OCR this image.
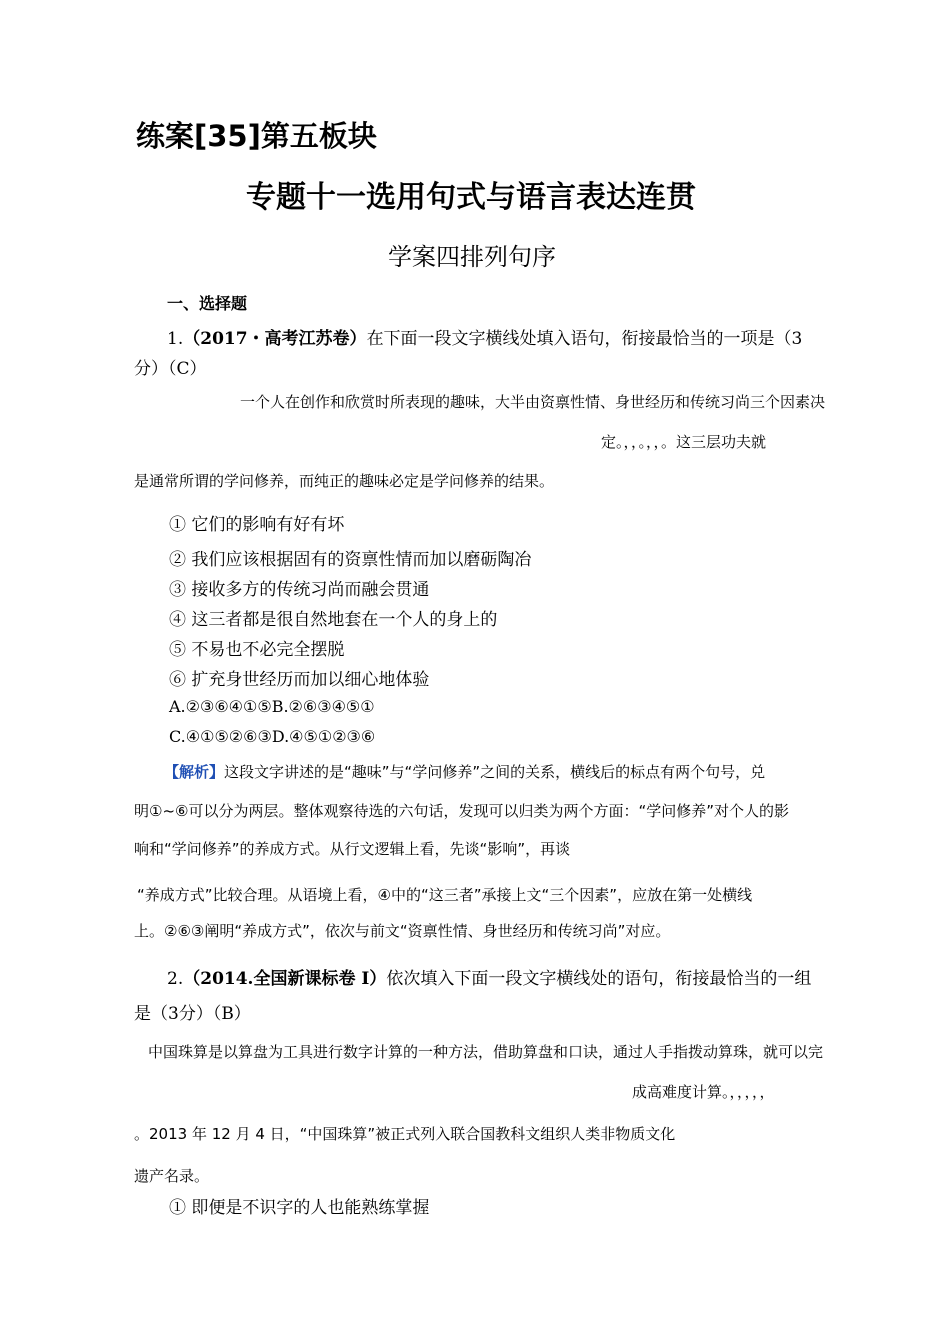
练案[35]第五板块
专题十一选用句式与语言表达连贯
学案四排列句序
一、选择题
1.（2017・高考江苏卷）在下面一段文字横线处填入语句，衔接最恰当的一项是（3
分）（C）
一个人在创作和欣赏时所表现的趣味，大半由资禀性情、身世经历和传统习尚三个因素决
定。，，。，，。这三层功夫就
是通常所谓的学问修养，而纯正的趣味必定是学问修养的结果。
① 它们的影响有好有坏
② 我们应该根据固有的资禀性情而加以磨砺陶冶
③ 接收多方的传统习尚而融会贯通
④ 这三者都是很自然地套在一个人的身上的
⑤ 不易也不必完全摆脱
⑥ 扩充身世经历而加以细心地体验
A.②③⑥④①⑤B.②⑥③④⑤①
C.④①⑤②⑥③D.④⑤①②③⑥
【解析】这段文字讲述的是“趣味”与“学问修养”之间的关系，横线后的标点有两个句号，兑
明①~⑥可以分为两层。整体观察待选的六句话，发现可以归类为两个方面：“学问修养”对个人的影
响和“学问修养”的养成方式。从行文逻辑上看，先谈“影响”，再谈
“养成方式”比较合理。从语境上看，④中的“这三者”承接上文“三个因素”，应放在第一处横线
上。②⑥③阐明“养成方式”，依次与前文“资禀性情、身世经历和传统习尚”对应。
2.（2014.全国新课标卷 I）依次填入下面一段文字横线处的语句，衔接最恰当的一组
是（3分）（B）
中国珠算是以算盘为工具进行数字计算的一种方法，借助算盘和口诀，通过人手指拨动算珠，就可以完
成高难度计算。，，，，，
。2013 年 12 月 4 日，“中国珠算”被正式列入联合国教科文组织人类非物质文化
遗产名录。
① 即便是不识字的人也能熟练掌握
